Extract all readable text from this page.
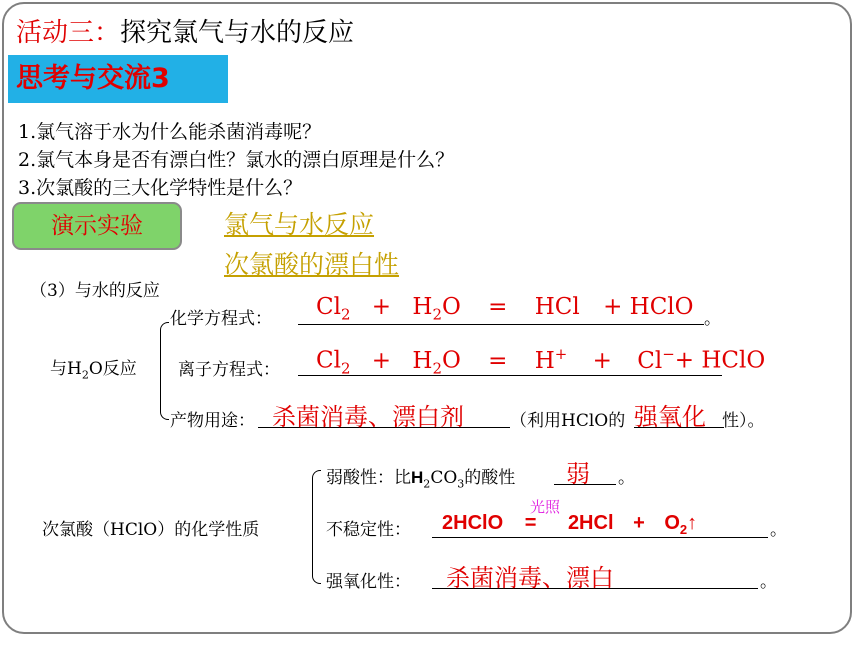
活动三：探究氯气与水的反应
思考与交流3
1.氯气溶于水为什么能杀菌消毒呢？
2.氯气本身是否有漂白性？氯水的漂白原理是什么？
3.次氯酸的三大化学特性是什么？
演示实验	氯气与水反应
次氯酸的漂白性
（3）与水的反应
与$H_2O$反应
化学方程式： $Cl_2 + H_2O$ = HCl + HClO 。
离子方程式： $Cl_2 + H_2O = H^+ + Cl^-+$ HClO
产物用途： 杀菌消毒、漂白剂	（利用HClO的 强氧化 性）。
次氯酸（HClO）的化学性质
弱酸性：比$H_2CO_3$的酸性 弱 。
不稳定性：
光照
2HClO = $2HCl + O_2↑$	。
强氧化性： 杀菌消毒、漂白	。
